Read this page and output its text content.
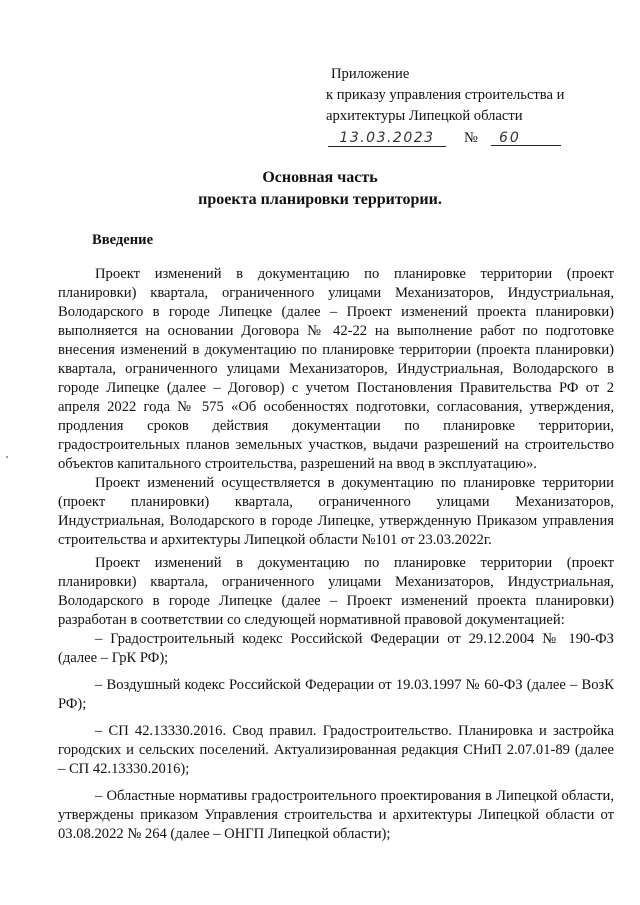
Приложение
к приказу управления строительства и
архитектуры Липецкой области
13.03.2023	№	60
Основная часть
проекта планировки территории.
Введение

Проект изменений в документацию по планировке территории (проект планировки) квартала, ограниченного улицами Механизаторов, Индустриальная, Володарского в городе Липецке (далее – Проект изменений проекта планировки) выполняется на основании Договора № 42-22 на выполнение работ по подготовке внесения изменений в документацию по планировке территории (проекта планировки) квартала, ограниченного улицами Механизаторов, Индустриальная, Володарского в городе Липецке (далее – Договор) с учетом Постановления Правительства РФ от 2 апреля 2022 года № 575 «Об особенностях подготовки, согласования, утверждения, продления сроков действия документации по планировке территории, градостроительных планов земельных участков, выдачи разрешений на строительство объектов капитального строительства, разрешений на ввод в эксплуатацию».

Проект изменений осуществляется в документацию по планировке территории (проект планировки) квартала, ограниченного улицами Механизаторов, Индустриальная, Володарского в городе Липецке, утвержденную Приказом управления строительства и архитектуры Липецкой области №101 от 23.03.2022г.

Проект изменений в документацию по планировке территории (проект планировки) квартала, ограниченного улицами Механизаторов, Индустриальная, Володарского в городе Липецке (далее – Проект изменений проекта планировки) разработан в соответствии со следующей нормативной правовой документацией:

– Градостроительный кодекс Российской Федерации от 29.12.2004 № 190-ФЗ (далее – ГрК РФ);

– Воздушный кодекс Российской Федерации от 19.03.1997 № 60-ФЗ (далее – ВозК РФ);

– СП 42.13330.2016. Свод правил. Градостроительство. Планировка и застройка городских и сельских поселений. Актуализированная редакция СНиП 2.07.01-89 (далее – СП 42.13330.2016);

– Областные нормативы градостроительного проектирования в Липецкой области, утверждены приказом Управления строительства и архитектуры Липецкой области от 03.08.2022 № 264 (далее – ОНГП Липецкой области);
